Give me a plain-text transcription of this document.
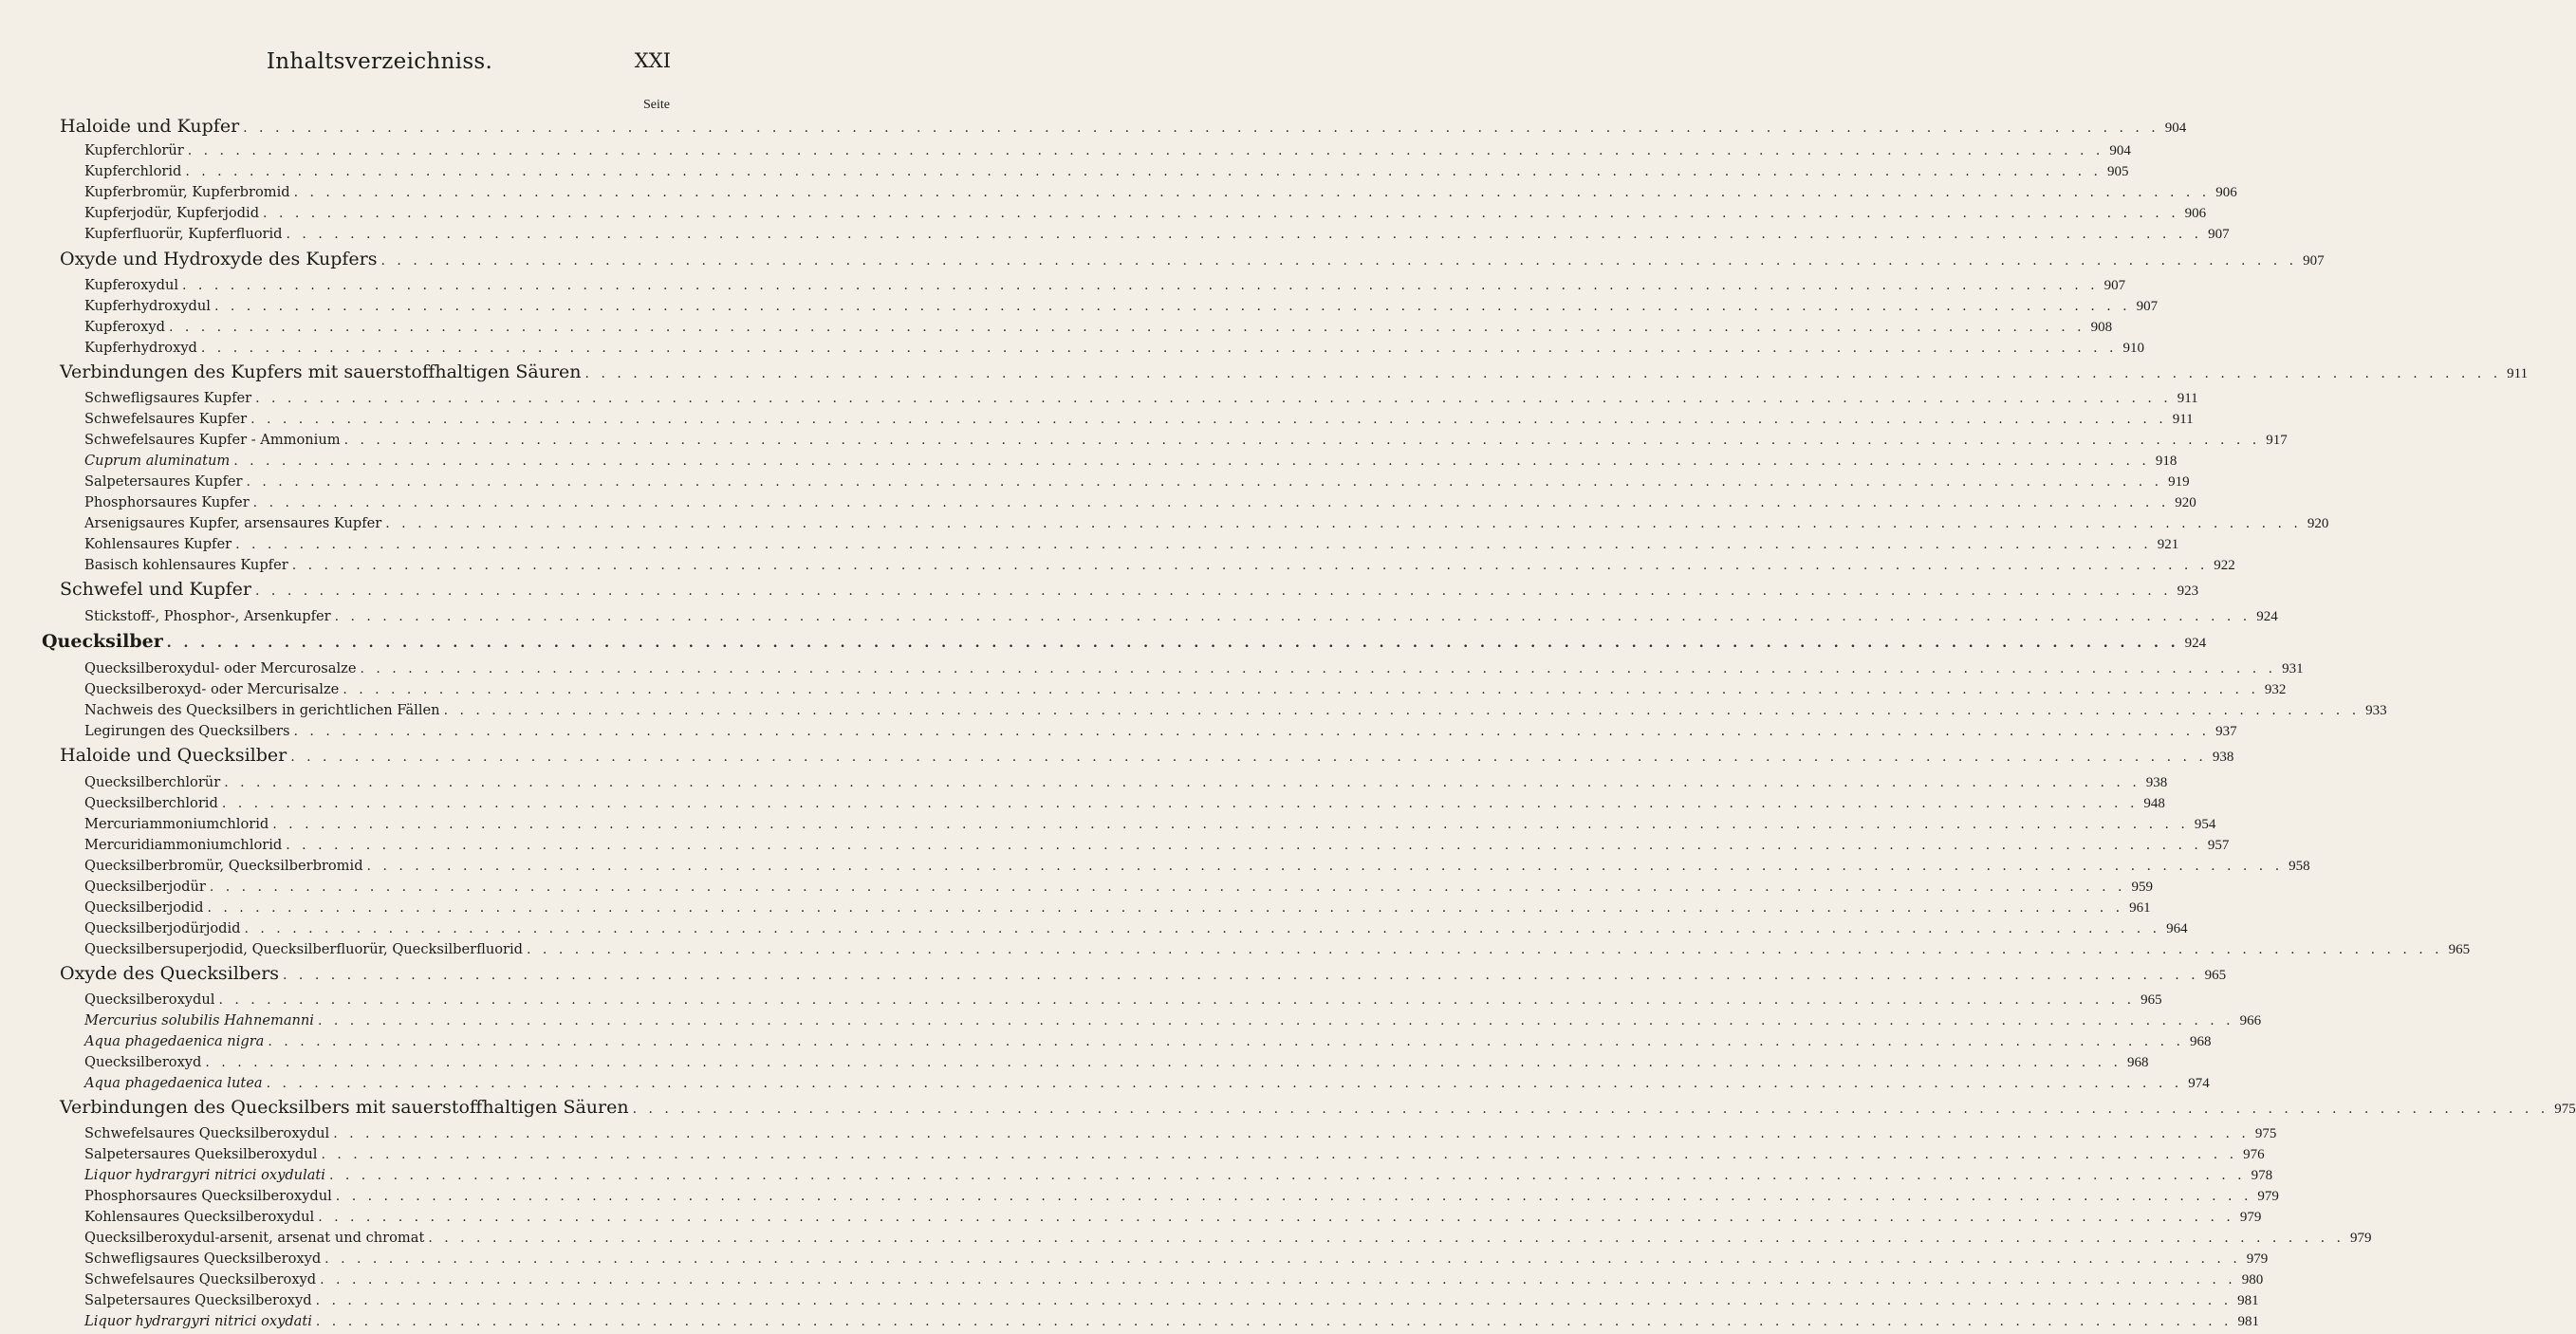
Inhaltsverzeichniss.	XXI
Seite
Haloide und Kupfer . . . . . . . . . . . . . . . . . . . . . . . . . . . . . . . . . . . . . . . . . . . . . . . . . . . . . . . . . . . . . . . . . . . . . . . . . . . . . . . . . . . . . . . . . . . . . . . . . . . . . . . . . . . . . . . . . . . . . . . . 904
Kupferchlorür . . . . . . . . . . . . . . . . . . . . . . . . . . . . . . . . . . . . . . . . . . . . . . . . . . . . . . . . . . . . . . . . . . . . . . . . . . . . . . . . . . . . . . . . . . . . . . . . . . . . . . . . . . . . . . . . . . . . . . . . 904
Kupferchlorid . . . . . . . . . . . . . . . . . . . . . . . . . . . . . . . . . . . . . . . . . . . . . . . . . . . . . . . . . . . . . . . . . . . . . . . . . . . . . . . . . . . . . . . . . . . . . . . . . . . . . . . . . . . . . . . . . . . . . . . . 905
Kupferbromür, Kupferbromid . . . . . . . . . . . . . . . . . . . . . . . . . . . . . . . . . . . . . . . . . . . . . . . . . . . . . . . . . . . . . . . . . . . . . . . . . . . . . . . . . . . . . . . . . . . . . . . . . . . . . . . . . . . . . . . . . . . . . . . . 906
Kupferjodür, Kupferjodid . . . . . . . . . . . . . . . . . . . . . . . . . . . . . . . . . . . . . . . . . . . . . . . . . . . . . . . . . . . . . . . . . . . . . . . . . . . . . . . . . . . . . . . . . . . . . . . . . . . . . . . . . . . . . . . . . . . . . . . . 906
Kupferfluorür, Kupferfluorid . . . . . . . . . . . . . . . . . . . . . . . . . . . . . . . . . . . . . . . . . . . . . . . . . . . . . . . . . . . . . . . . . . . . . . . . . . . . . . . . . . . . . . . . . . . . . . . . . . . . . . . . . . . . . . . . . . . . . . . . 907
Oxyde und Hydroxyde des Kupfers . . . . . . . . . . . . . . . . . . . . . . . . . . . . . . . . . . . . . . . . . . . . . . . . . . . . . . . . . . . . . . . . . . . . . . . . . . . . . . . . . . . . . . . . . . . . . . . . . . . . . . . . . . . . . . . . . . . . . . . . 907
Kupferoxydul . . . . . . . . . . . . . . . . . . . . . . . . . . . . . . . . . . . . . . . . . . . . . . . . . . . . . . . . . . . . . . . . . . . . . . . . . . . . . . . . . . . . . . . . . . . . . . . . . . . . . . . . . . . . . . . . . . . . . . . . 907
Kupferhydroxydul . . . . . . . . . . . . . . . . . . . . . . . . . . . . . . . . . . . . . . . . . . . . . . . . . . . . . . . . . . . . . . . . . . . . . . . . . . . . . . . . . . . . . . . . . . . . . . . . . . . . . . . . . . . . . . . . . . . . . . . . 907
Kupferoxyd . . . . . . . . . . . . . . . . . . . . . . . . . . . . . . . . . . . . . . . . . . . . . . . . . . . . . . . . . . . . . . . . . . . . . . . . . . . . . . . . . . . . . . . . . . . . . . . . . . . . . . . . . . . . . . . . . . . . . . . . 908
Kupferhydroxyd . . . . . . . . . . . . . . . . . . . . . . . . . . . . . . . . . . . . . . . . . . . . . . . . . . . . . . . . . . . . . . . . . . . . . . . . . . . . . . . . . . . . . . . . . . . . . . . . . . . . . . . . . . . . . . . . . . . . . . . . 910
Verbindungen des Kupfers mit sauerstoffhaltigen Säuren . . . . . . . . . . . . . . . . . . . . . . . . . . . . . . . . . . . . . . . . . . . . . . . . . . . . . . . . . . . . . . . . . . . . . . . . . . . . . . . . . . . . . . . . . . . . . . . . . . . . . . . . . . . . . . . . . . . . . . . . 911
Schwefligsaures Kupfer . . . . . . . . . . . . . . . . . . . . . . . . . . . . . . . . . . . . . . . . . . . . . . . . . . . . . . . . . . . . . . . . . . . . . . . . . . . . . . . . . . . . . . . . . . . . . . . . . . . . . . . . . . . . . . . . . . . . . . . . 911
Schwefelsaures Kupfer . . . . . . . . . . . . . . . . . . . . . . . . . . . . . . . . . . . . . . . . . . . . . . . . . . . . . . . . . . . . . . . . . . . . . . . . . . . . . . . . . . . . . . . . . . . . . . . . . . . . . . . . . . . . . . . . . . . . . . . . 911
Schwefelsaures Kupfer - Ammonium . . . . . . . . . . . . . . . . . . . . . . . . . . . . . . . . . . . . . . . . . . . . . . . . . . . . . . . . . . . . . . . . . . . . . . . . . . . . . . . . . . . . . . . . . . . . . . . . . . . . . . . . . . . . . . . . . . . . . . . . 917
Cuprum aluminatum . . . . . . . . . . . . . . . . . . . . . . . . . . . . . . . . . . . . . . . . . . . . . . . . . . . . . . . . . . . . . . . . . . . . . . . . . . . . . . . . . . . . . . . . . . . . . . . . . . . . . . . . . . . . . . . . . . . . . . . . 918
Salpetersaures Kupfer . . . . . . . . . . . . . . . . . . . . . . . . . . . . . . . . . . . . . . . . . . . . . . . . . . . . . . . . . . . . . . . . . . . . . . . . . . . . . . . . . . . . . . . . . . . . . . . . . . . . . . . . . . . . . . . . . . . . . . . . 919
Phosphorsaures Kupfer . . . . . . . . . . . . . . . . . . . . . . . . . . . . . . . . . . . . . . . . . . . . . . . . . . . . . . . . . . . . . . . . . . . . . . . . . . . . . . . . . . . . . . . . . . . . . . . . . . . . . . . . . . . . . . . . . . . . . . . . 920
Arsenigsaures Kupfer, arsensaures Kupfer . . . . . . . . . . . . . . . . . . . . . . . . . . . . . . . . . . . . . . . . . . . . . . . . . . . . . . . . . . . . . . . . . . . . . . . . . . . . . . . . . . . . . . . . . . . . . . . . . . . . . . . . . . . . . . . . . . . . . . . . 920
Kohlensaures Kupfer . . . . . . . . . . . . . . . . . . . . . . . . . . . . . . . . . . . . . . . . . . . . . . . . . . . . . . . . . . . . . . . . . . . . . . . . . . . . . . . . . . . . . . . . . . . . . . . . . . . . . . . . . . . . . . . . . . . . . . . . 921
Basisch kohlensaures Kupfer . . . . . . . . . . . . . . . . . . . . . . . . . . . . . . . . . . . . . . . . . . . . . . . . . . . . . . . . . . . . . . . . . . . . . . . . . . . . . . . . . . . . . . . . . . . . . . . . . . . . . . . . . . . . . . . . . . . . . . . . 922
Schwefel und Kupfer . . . . . . . . . . . . . . . . . . . . . . . . . . . . . . . . . . . . . . . . . . . . . . . . . . . . . . . . . . . . . . . . . . . . . . . . . . . . . . . . . . . . . . . . . . . . . . . . . . . . . . . . . . . . . . . . . . . . . . . . 923
Stickstoff-, Phosphor-, Arsenkupfer . . . . . . . . . . . . . . . . . . . . . . . . . . . . . . . . . . . . . . . . . . . . . . . . . . . . . . . . . . . . . . . . . . . . . . . . . . . . . . . . . . . . . . . . . . . . . . . . . . . . . . . . . . . . . . . . . . . . . . . . 924
Quecksilber . . . . . . . . . . . . . . . . . . . . . . . . . . . . . . . . . . . . . . . . . . . . . . . . . . . . . . . . . . . . . . . . . . . . . . . . . . . . . . . . . . . . . . . . . . . . . . . . . . . . . . . . . . . . . . . . . . . . . . . . 924
Quecksilberoxydul- oder Mercurosalze . . . . . . . . . . . . . . . . . . . . . . . . . . . . . . . . . . . . . . . . . . . . . . . . . . . . . . . . . . . . . . . . . . . . . . . . . . . . . . . . . . . . . . . . . . . . . . . . . . . . . . . . . . . . . . . . . . . . . . . . 931
Quecksilberoxyd- oder Mercurisalze . . . . . . . . . . . . . . . . . . . . . . . . . . . . . . . . . . . . . . . . . . . . . . . . . . . . . . . . . . . . . . . . . . . . . . . . . . . . . . . . . . . . . . . . . . . . . . . . . . . . . . . . . . . . . . . . . . . . . . . . 932
Nachweis des Quecksilbers in gerichtlichen Fällen . . . . . . . . . . . . . . . . . . . . . . . . . . . . . . . . . . . . . . . . . . . . . . . . . . . . . . . . . . . . . . . . . . . . . . . . . . . . . . . . . . . . . . . . . . . . . . . . . . . . . . . . . . . . . . . . . . . . . . . . 933
Legirungen des Quecksilbers . . . . . . . . . . . . . . . . . . . . . . . . . . . . . . . . . . . . . . . . . . . . . . . . . . . . . . . . . . . . . . . . . . . . . . . . . . . . . . . . . . . . . . . . . . . . . . . . . . . . . . . . . . . . . . . . . . . . . . . . 937
Haloide und Quecksilber . . . . . . . . . . . . . . . . . . . . . . . . . . . . . . . . . . . . . . . . . . . . . . . . . . . . . . . . . . . . . . . . . . . . . . . . . . . . . . . . . . . . . . . . . . . . . . . . . . . . . . . . . . . . . . . . . . . . . . . . 938
Quecksilberchlorür . . . . . . . . . . . . . . . . . . . . . . . . . . . . . . . . . . . . . . . . . . . . . . . . . . . . . . . . . . . . . . . . . . . . . . . . . . . . . . . . . . . . . . . . . . . . . . . . . . . . . . . . . . . . . . . . . . . . . . . . 938
Quecksilberchlorid . . . . . . . . . . . . . . . . . . . . . . . . . . . . . . . . . . . . . . . . . . . . . . . . . . . . . . . . . . . . . . . . . . . . . . . . . . . . . . . . . . . . . . . . . . . . . . . . . . . . . . . . . . . . . . . . . . . . . . . . 948
Mercuriammoniumchlorid . . . . . . . . . . . . . . . . . . . . . . . . . . . . . . . . . . . . . . . . . . . . . . . . . . . . . . . . . . . . . . . . . . . . . . . . . . . . . . . . . . . . . . . . . . . . . . . . . . . . . . . . . . . . . . . . . . . . . . . . 954
Mercuridiammoniumchlorid . . . . . . . . . . . . . . . . . . . . . . . . . . . . . . . . . . . . . . . . . . . . . . . . . . . . . . . . . . . . . . . . . . . . . . . . . . . . . . . . . . . . . . . . . . . . . . . . . . . . . . . . . . . . . . . . . . . . . . . . 957
Quecksilberbromür, Quecksilberbromid . . . . . . . . . . . . . . . . . . . . . . . . . . . . . . . . . . . . . . . . . . . . . . . . . . . . . . . . . . . . . . . . . . . . . . . . . . . . . . . . . . . . . . . . . . . . . . . . . . . . . . . . . . . . . . . . . . . . . . . . 958
Quecksilberjodür . . . . . . . . . . . . . . . . . . . . . . . . . . . . . . . . . . . . . . . . . . . . . . . . . . . . . . . . . . . . . . . . . . . . . . . . . . . . . . . . . . . . . . . . . . . . . . . . . . . . . . . . . . . . . . . . . . . . . . . . 959
Quecksilberjodid . . . . . . . . . . . . . . . . . . . . . . . . . . . . . . . . . . . . . . . . . . . . . . . . . . . . . . . . . . . . . . . . . . . . . . . . . . . . . . . . . . . . . . . . . . . . . . . . . . . . . . . . . . . . . . . . . . . . . . . . 961
Quecksilberjodürjodid . . . . . . . . . . . . . . . . . . . . . . . . . . . . . . . . . . . . . . . . . . . . . . . . . . . . . . . . . . . . . . . . . . . . . . . . . . . . . . . . . . . . . . . . . . . . . . . . . . . . . . . . . . . . . . . . . . . . . . . . 964
Quecksilbersuperjodid, Quecksilberfluorür, Quecksilberfluorid . . . . . . . . . . . . . . . . . . . . . . . . . . . . . . . . . . . . . . . . . . . . . . . . . . . . . . . . . . . . . . . . . . . . . . . . . . . . . . . . . . . . . . . . . . . . . . . . . . . . . . . . . . . . . . . . . . . . . . . . 965
Oxyde des Quecksilbers . . . . . . . . . . . . . . . . . . . . . . . . . . . . . . . . . . . . . . . . . . . . . . . . . . . . . . . . . . . . . . . . . . . . . . . . . . . . . . . . . . . . . . . . . . . . . . . . . . . . . . . . . . . . . . . . . . . . . . . . 965
Quecksilberoxydul . . . . . . . . . . . . . . . . . . . . . . . . . . . . . . . . . . . . . . . . . . . . . . . . . . . . . . . . . . . . . . . . . . . . . . . . . . . . . . . . . . . . . . . . . . . . . . . . . . . . . . . . . . . . . . . . . . . . . . . . 965
Mercurius solubilis Hahnemanni . . . . . . . . . . . . . . . . . . . . . . . . . . . . . . . . . . . . . . . . . . . . . . . . . . . . . . . . . . . . . . . . . . . . . . . . . . . . . . . . . . . . . . . . . . . . . . . . . . . . . . . . . . . . . . . . . . . . . . . . 966
Aqua phagedaenica nigra . . . . . . . . . . . . . . . . . . . . . . . . . . . . . . . . . . . . . . . . . . . . . . . . . . . . . . . . . . . . . . . . . . . . . . . . . . . . . . . . . . . . . . . . . . . . . . . . . . . . . . . . . . . . . . . . . . . . . . . . 968
Quecksilberoxyd . . . . . . . . . . . . . . . . . . . . . . . . . . . . . . . . . . . . . . . . . . . . . . . . . . . . . . . . . . . . . . . . . . . . . . . . . . . . . . . . . . . . . . . . . . . . . . . . . . . . . . . . . . . . . . . . . . . . . . . . 968
Aqua phagedaenica lutea . . . . . . . . . . . . . . . . . . . . . . . . . . . . . . . . . . . . . . . . . . . . . . . . . . . . . . . . . . . . . . . . . . . . . . . . . . . . . . . . . . . . . . . . . . . . . . . . . . . . . . . . . . . . . . . . . . . . . . . . 974
Verbindungen des Quecksilbers mit sauerstoffhaltigen Säuren . . . . . . . . . . . . . . . . . . . . . . . . . . . . . . . . . . . . . . . . . . . . . . . . . . . . . . . . . . . . . . . . . . . . . . . . . . . . . . . . . . . . . . . . . . . . . . . . . . . . . . . . . . . . . . . . . . . . . . . . 975
Schwefelsaures Quecksilberoxydul . . . . . . . . . . . . . . . . . . . . . . . . . . . . . . . . . . . . . . . . . . . . . . . . . . . . . . . . . . . . . . . . . . . . . . . . . . . . . . . . . . . . . . . . . . . . . . . . . . . . . . . . . . . . . . . . . . . . . . . . 975
Salpetersaures Queksilberoxydul . . . . . . . . . . . . . . . . . . . . . . . . . . . . . . . . . . . . . . . . . . . . . . . . . . . . . . . . . . . . . . . . . . . . . . . . . . . . . . . . . . . . . . . . . . . . . . . . . . . . . . . . . . . . . . . . . . . . . . . . 976
Liquor hydrargyri nitrici oxydulati . . . . . . . . . . . . . . . . . . . . . . . . . . . . . . . . . . . . . . . . . . . . . . . . . . . . . . . . . . . . . . . . . . . . . . . . . . . . . . . . . . . . . . . . . . . . . . . . . . . . . . . . . . . . . . . . . . . . . . . . 978
Phosphorsaures Quecksilberoxydul . . . . . . . . . . . . . . . . . . . . . . . . . . . . . . . . . . . . . . . . . . . . . . . . . . . . . . . . . . . . . . . . . . . . . . . . . . . . . . . . . . . . . . . . . . . . . . . . . . . . . . . . . . . . . . . . . . . . . . . . 979
Kohlensaures Quecksilberoxydul . . . . . . . . . . . . . . . . . . . . . . . . . . . . . . . . . . . . . . . . . . . . . . . . . . . . . . . . . . . . . . . . . . . . . . . . . . . . . . . . . . . . . . . . . . . . . . . . . . . . . . . . . . . . . . . . . . . . . . . . 979
Quecksilberoxydul-arsenit, arsenat und chromat . . . . . . . . . . . . . . . . . . . . . . . . . . . . . . . . . . . . . . . . . . . . . . . . . . . . . . . . . . . . . . . . . . . . . . . . . . . . . . . . . . . . . . . . . . . . . . . . . . . . . . . . . . . . . . . . . . . . . . . . 979
Schwefligsaures Quecksilberoxyd . . . . . . . . . . . . . . . . . . . . . . . . . . . . . . . . . . . . . . . . . . . . . . . . . . . . . . . . . . . . . . . . . . . . . . . . . . . . . . . . . . . . . . . . . . . . . . . . . . . . . . . . . . . . . . . . . . . . . . . . 979
Schwefelsaures Quecksilberoxyd . . . . . . . . . . . . . . . . . . . . . . . . . . . . . . . . . . . . . . . . . . . . . . . . . . . . . . . . . . . . . . . . . . . . . . . . . . . . . . . . . . . . . . . . . . . . . . . . . . . . . . . . . . . . . . . . . . . . . . . . 980
Salpetersaures Quecksilberoxyd . . . . . . . . . . . . . . . . . . . . . . . . . . . . . . . . . . . . . . . . . . . . . . . . . . . . . . . . . . . . . . . . . . . . . . . . . . . . . . . . . . . . . . . . . . . . . . . . . . . . . . . . . . . . . . . . . . . . . . . . 981
Liquor hydrargyri nitrici oxydati . . . . . . . . . . . . . . . . . . . . . . . . . . . . . . . . . . . . . . . . . . . . . . . . . . . . . . . . . . . . . . . . . . . . . . . . . . . . . . . . . . . . . . . . . . . . . . . . . . . . . . . . . . . . . . . . . . . . . . . . 981
